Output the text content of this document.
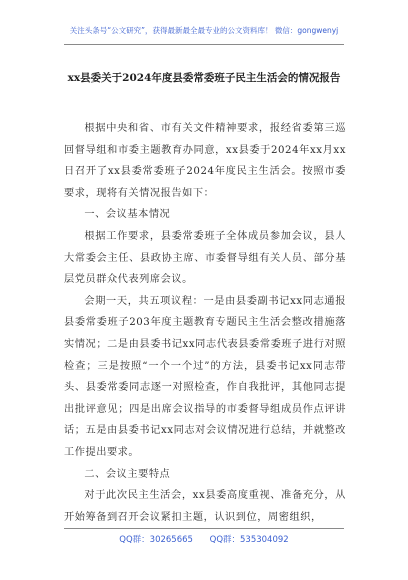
关注头条号“公文研究”，获得最新最全最专业的公文资料库！ 微信：gongwenyj
xx县委关于2024年度县委常委班子民主生活会的情况报告

根据中央和省、市有关文件精神要求，报经省委第三巡回督导组和市委主题教育办同意，xx县委于2024年xx月xx日召开了xx县委常委班子2024年度民主生活会。按照市委要求，现将有关情况报告如下：

一、会议基本情况

根据工作要求，县委常委班子全体成员参加会议，县人大常委会主任、县政协主席、市委督导组有关人员、部分基层党员群众代表列席会议。

会期一天，共五项议程：一是由县委副书记xx同志通报县委常委班子203年度主题教育专题民主生活会整改措施落实情况；二是由县委书记xx同志代表县委常委班子进行对照检查；三是按照“一个一个过”的方法，县委书记xx同志带头、县委常委同志逐一对照检查，作自我批评，其他同志提出批评意见；四是出席会议指导的市委督导组成员作点评讲话；五是由县委书记xx同志对会议情况进行总结，并就整改工作提出要求。

二、会议主要特点

对于此次民主生活会，xx县委高度重视、准备充分，从开始筹备到召开会议紧扣主题，认识到位，周密组织，

QQ群：30265665 QQ群：535304092
